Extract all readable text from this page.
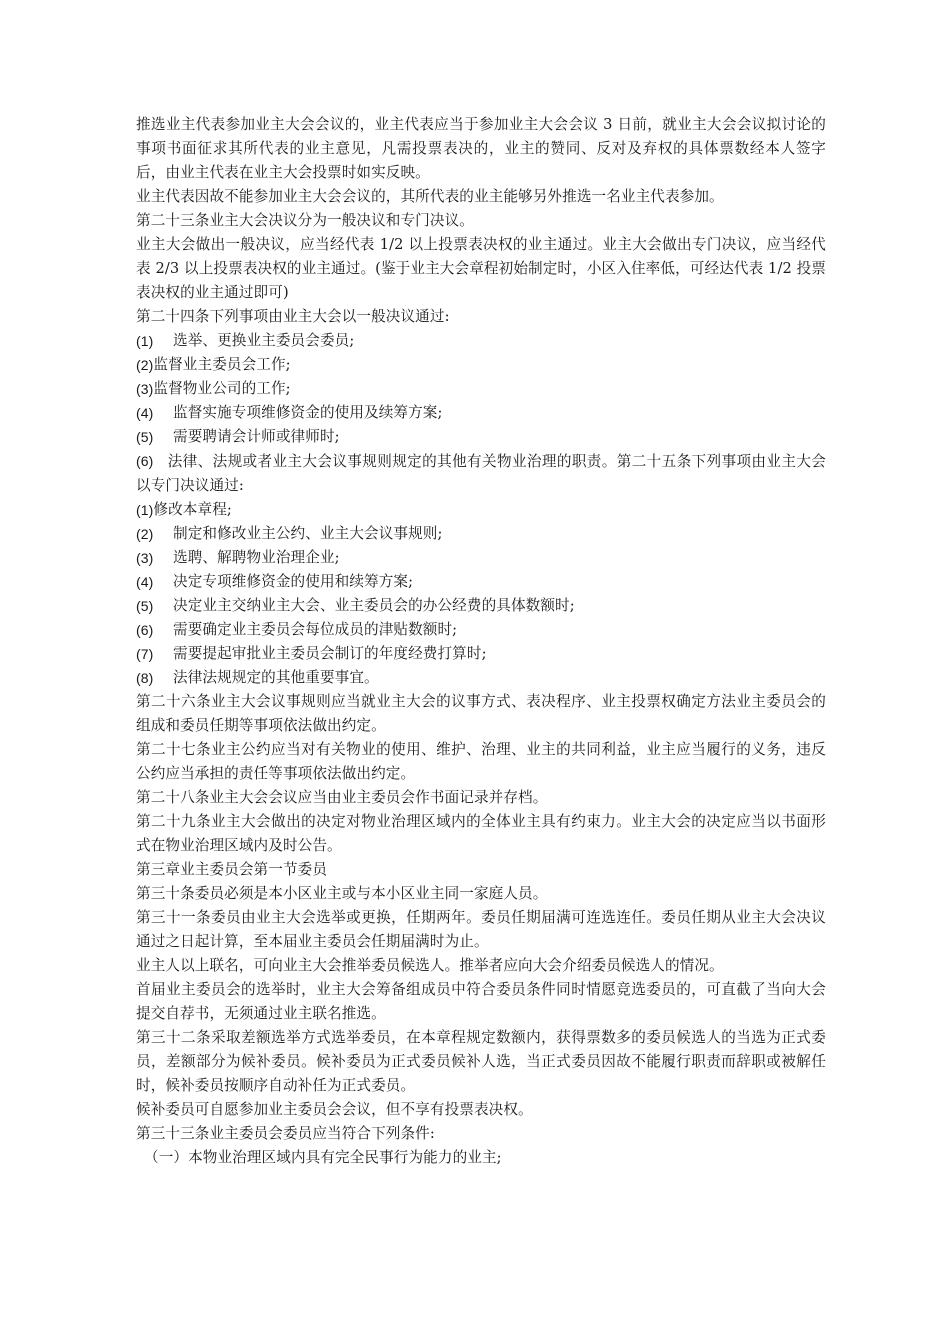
推选业主代表参加业主大会会议的，业主代表应当于参加业主大会会议 3 日前，就业主大会会议拟讨论的事项书面征求其所代表的业主意见，凡需投票表决的，业主的赞同、反对及弃权的具体票数经本人签字后，由业主代表在业主大会投票时如实反映。

业主代表因故不能参加业主大会会议的，其所代表的业主能够另外推选一名业主代表参加。

第二十三条业主大会决议分为一般决议和专门决议。

业主大会做出一般决议，应当经代表 1/2 以上投票表决权的业主通过。业主大会做出专门决议，应当经代表 2/3 以上投票表决权的业主通过。(鉴于业主大会章程初始制定时，小区入住率低，可经达代表 1/2 投票表决权的业主通过即可)

第二十四条下列事项由业主大会以一般决议通过:

(1)	选举、更换业主委员会委员;
(2) 监督业主委员会工作;
(3) 监督物业公司的工作;
(4)	监督实施专项维修资金的使用及续筹方案;
(5)	需要聘请会计师或律师时;

(6) 法律、法规或者业主大会议事规则规定的其他有关物业治理的职责。第二十五条下列事项由业主大会以专门决议通过:

(1) 修改本章程;
(2)	制定和修改业主公约、业主大会议事规则;
(3)	选聘、解聘物业治理企业;
(4)	决定专项维修资金的使用和续筹方案;
(5)	决定业主交纳业主大会、业主委员会的办公经费的具体数额时;
(6)	需要确定业主委员会每位成员的津贴数额时;
(7)	需要提起审批业主委员会制订的年度经费打算时;
(8)	法律法规规定的其他重要事宜。

第二十六条业主大会议事规则应当就业主大会的议事方式、表决程序、业主投票权确定方法业主委员会的组成和委员任期等事项依法做出约定。

第二十七条业主公约应当对有关物业的使用、维护、治理、业主的共同利益，业主应当履行的义务，违反公约应当承担的责任等事项依法做出约定。

第二十八条业主大会会议应当由业主委员会作书面记录并存档。

第二十九条业主大会做出的决定对物业治理区域内的全体业主具有约束力。业主大会的决定应当以书面形式在物业治理区域内及时公告。

第三章业主委员会第一节委员

第三十条委员必须是本小区业主或与本小区业主同一家庭人员。

第三十一条委员由业主大会选举或更换，任期两年。委员任期届满可连选连任。委员任期从业主大会决议通过之日起计算，至本届业主委员会任期届满时为止。

业主人以上联名，可向业主大会推举委员候选人。推举者应向大会介绍委员候选人的情况。

首届业主委员会的选举时，业主大会筹备组成员中符合委员条件同时情愿竞选委员的，可直截了当向大会提交自荐书，无须通过业主联名推选。

第三十二条采取差额选举方式选举委员，在本章程规定数额内，获得票数多的委员候选人的当选为正式委员，差额部分为候补委员。候补委员为正式委员候补人选，当正式委员因故不能履行职责而辞职或被解任时，候补委员按顺序自动补任为正式委员。

候补委员可自愿参加业主委员会会议，但不享有投票表决权。

第三十三条业主委员会委员应当符合下列条件:

（一）本物业治理区域内具有完全民事行为能力的业主;
